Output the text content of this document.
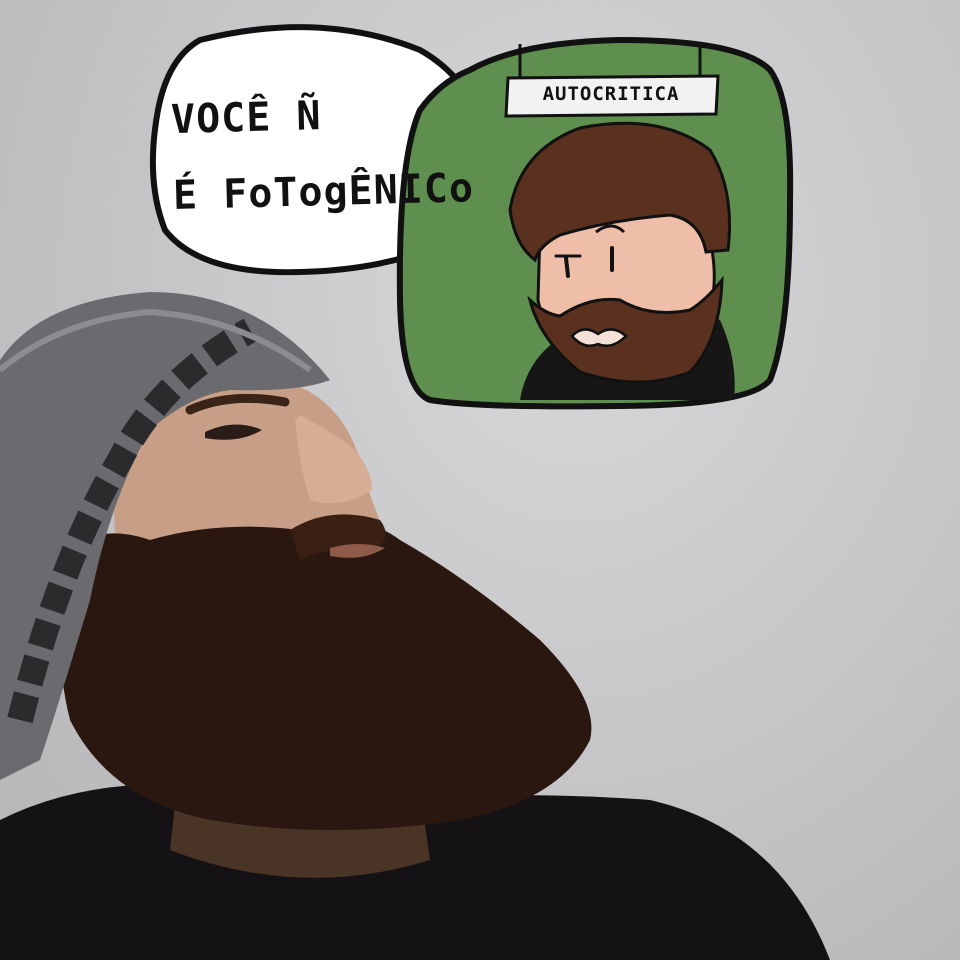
VOCÊ Ñ
É FoTogÊNICo
AUTOCRITICA
